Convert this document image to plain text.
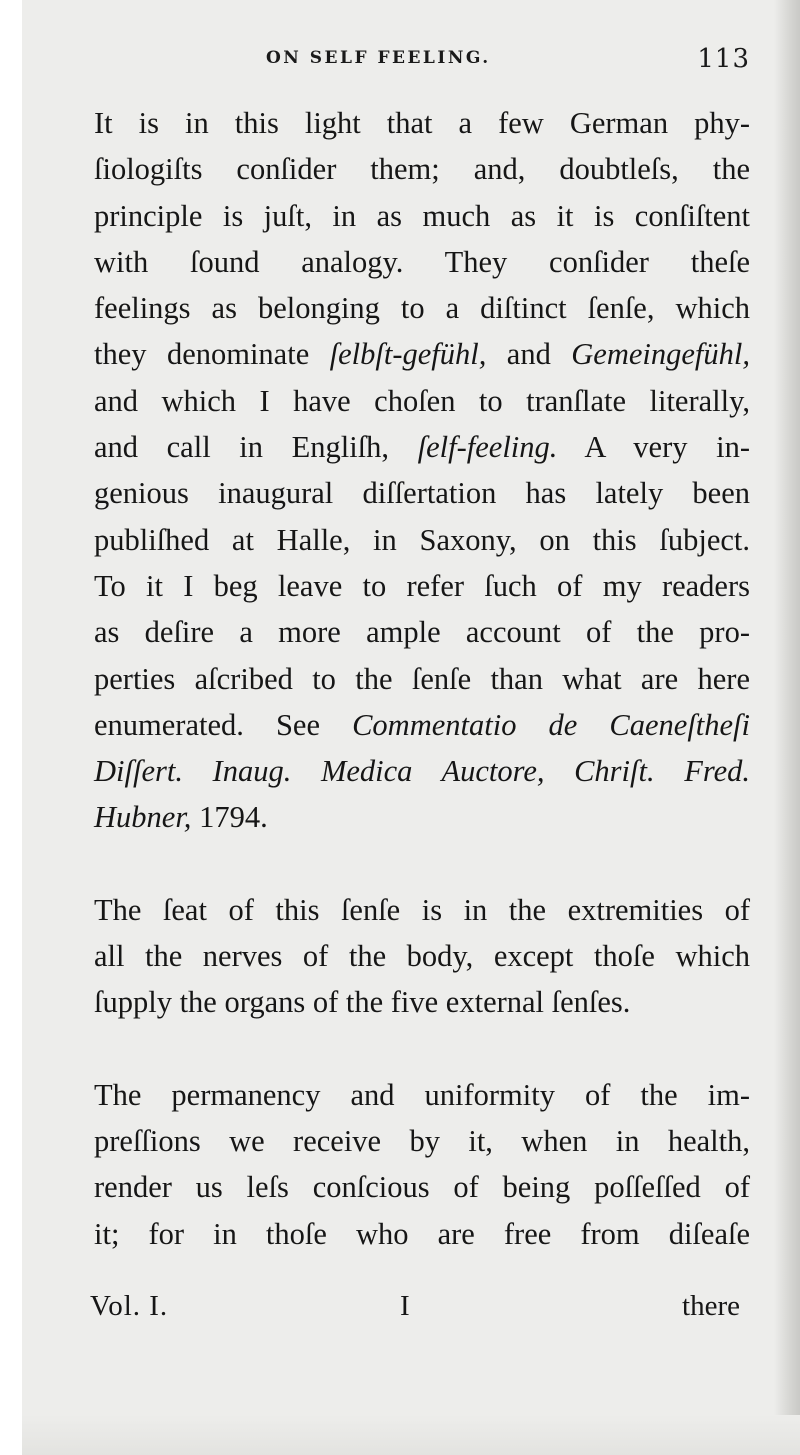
ON SELF FEELING.	113

It is in this light that a few German phy-
ſiologiſts conſider them; and, doubtleſs, the
principle is juſt, in as much as it is conſiſtent
with ſound analogy. They conſider theſe
feelings as belonging to a diſtinct ſenſe, which
they denominate ſelbſt-gefühl, and Gemeingefühl,
and which I have choſen to tranſlate literally,
and call in Engliſh, ſelf-feeling. A very in-
genious inaugural diſſertation has lately been
publiſhed at Halle, in Saxony, on this ſubject.
To it I beg leave to refer ſuch of my readers
as deſire a more ample account of the pro-
perties aſcribed to the ſenſe than what are here
enumerated. See Commentatio de Caeneſtheſi
Diſſert. Inaug. Medica Auctore, Chriſt. Fred.
Hubner, 1794.

The ſeat of this ſenſe is in the extremities of
all the nerves of the body, except thoſe which
ſupply the organs of the five external ſenſes.

The permanency and uniformity of the im-
preſſions we receive by it, when in health,
render us leſs conſcious of being poſſeſſed of
it; for in thoſe who are free from diſeaſe

Vol. I.	I	there
